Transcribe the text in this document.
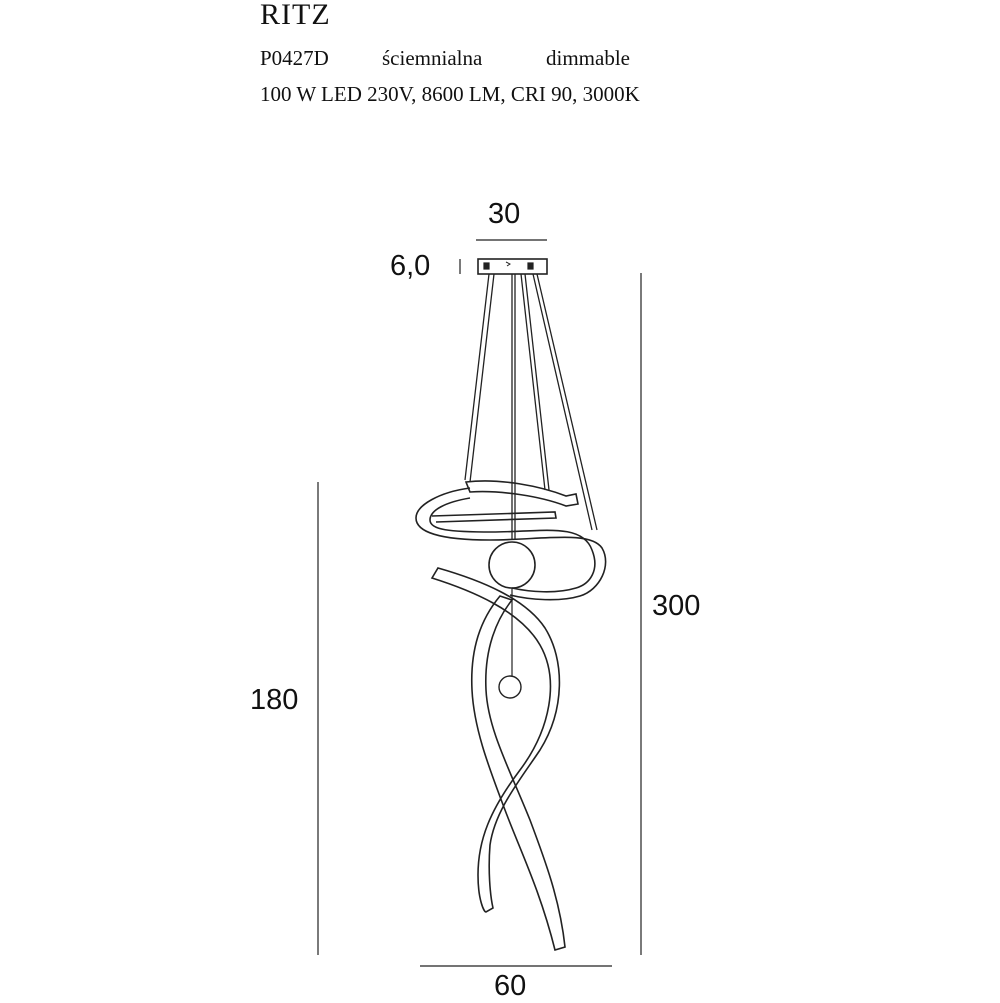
RITZ
P0427D	ściemnialna	dimmable
100 W LED 230V, 8600 LM, CRI 90, 3000K
30
6,0
300
180
60
